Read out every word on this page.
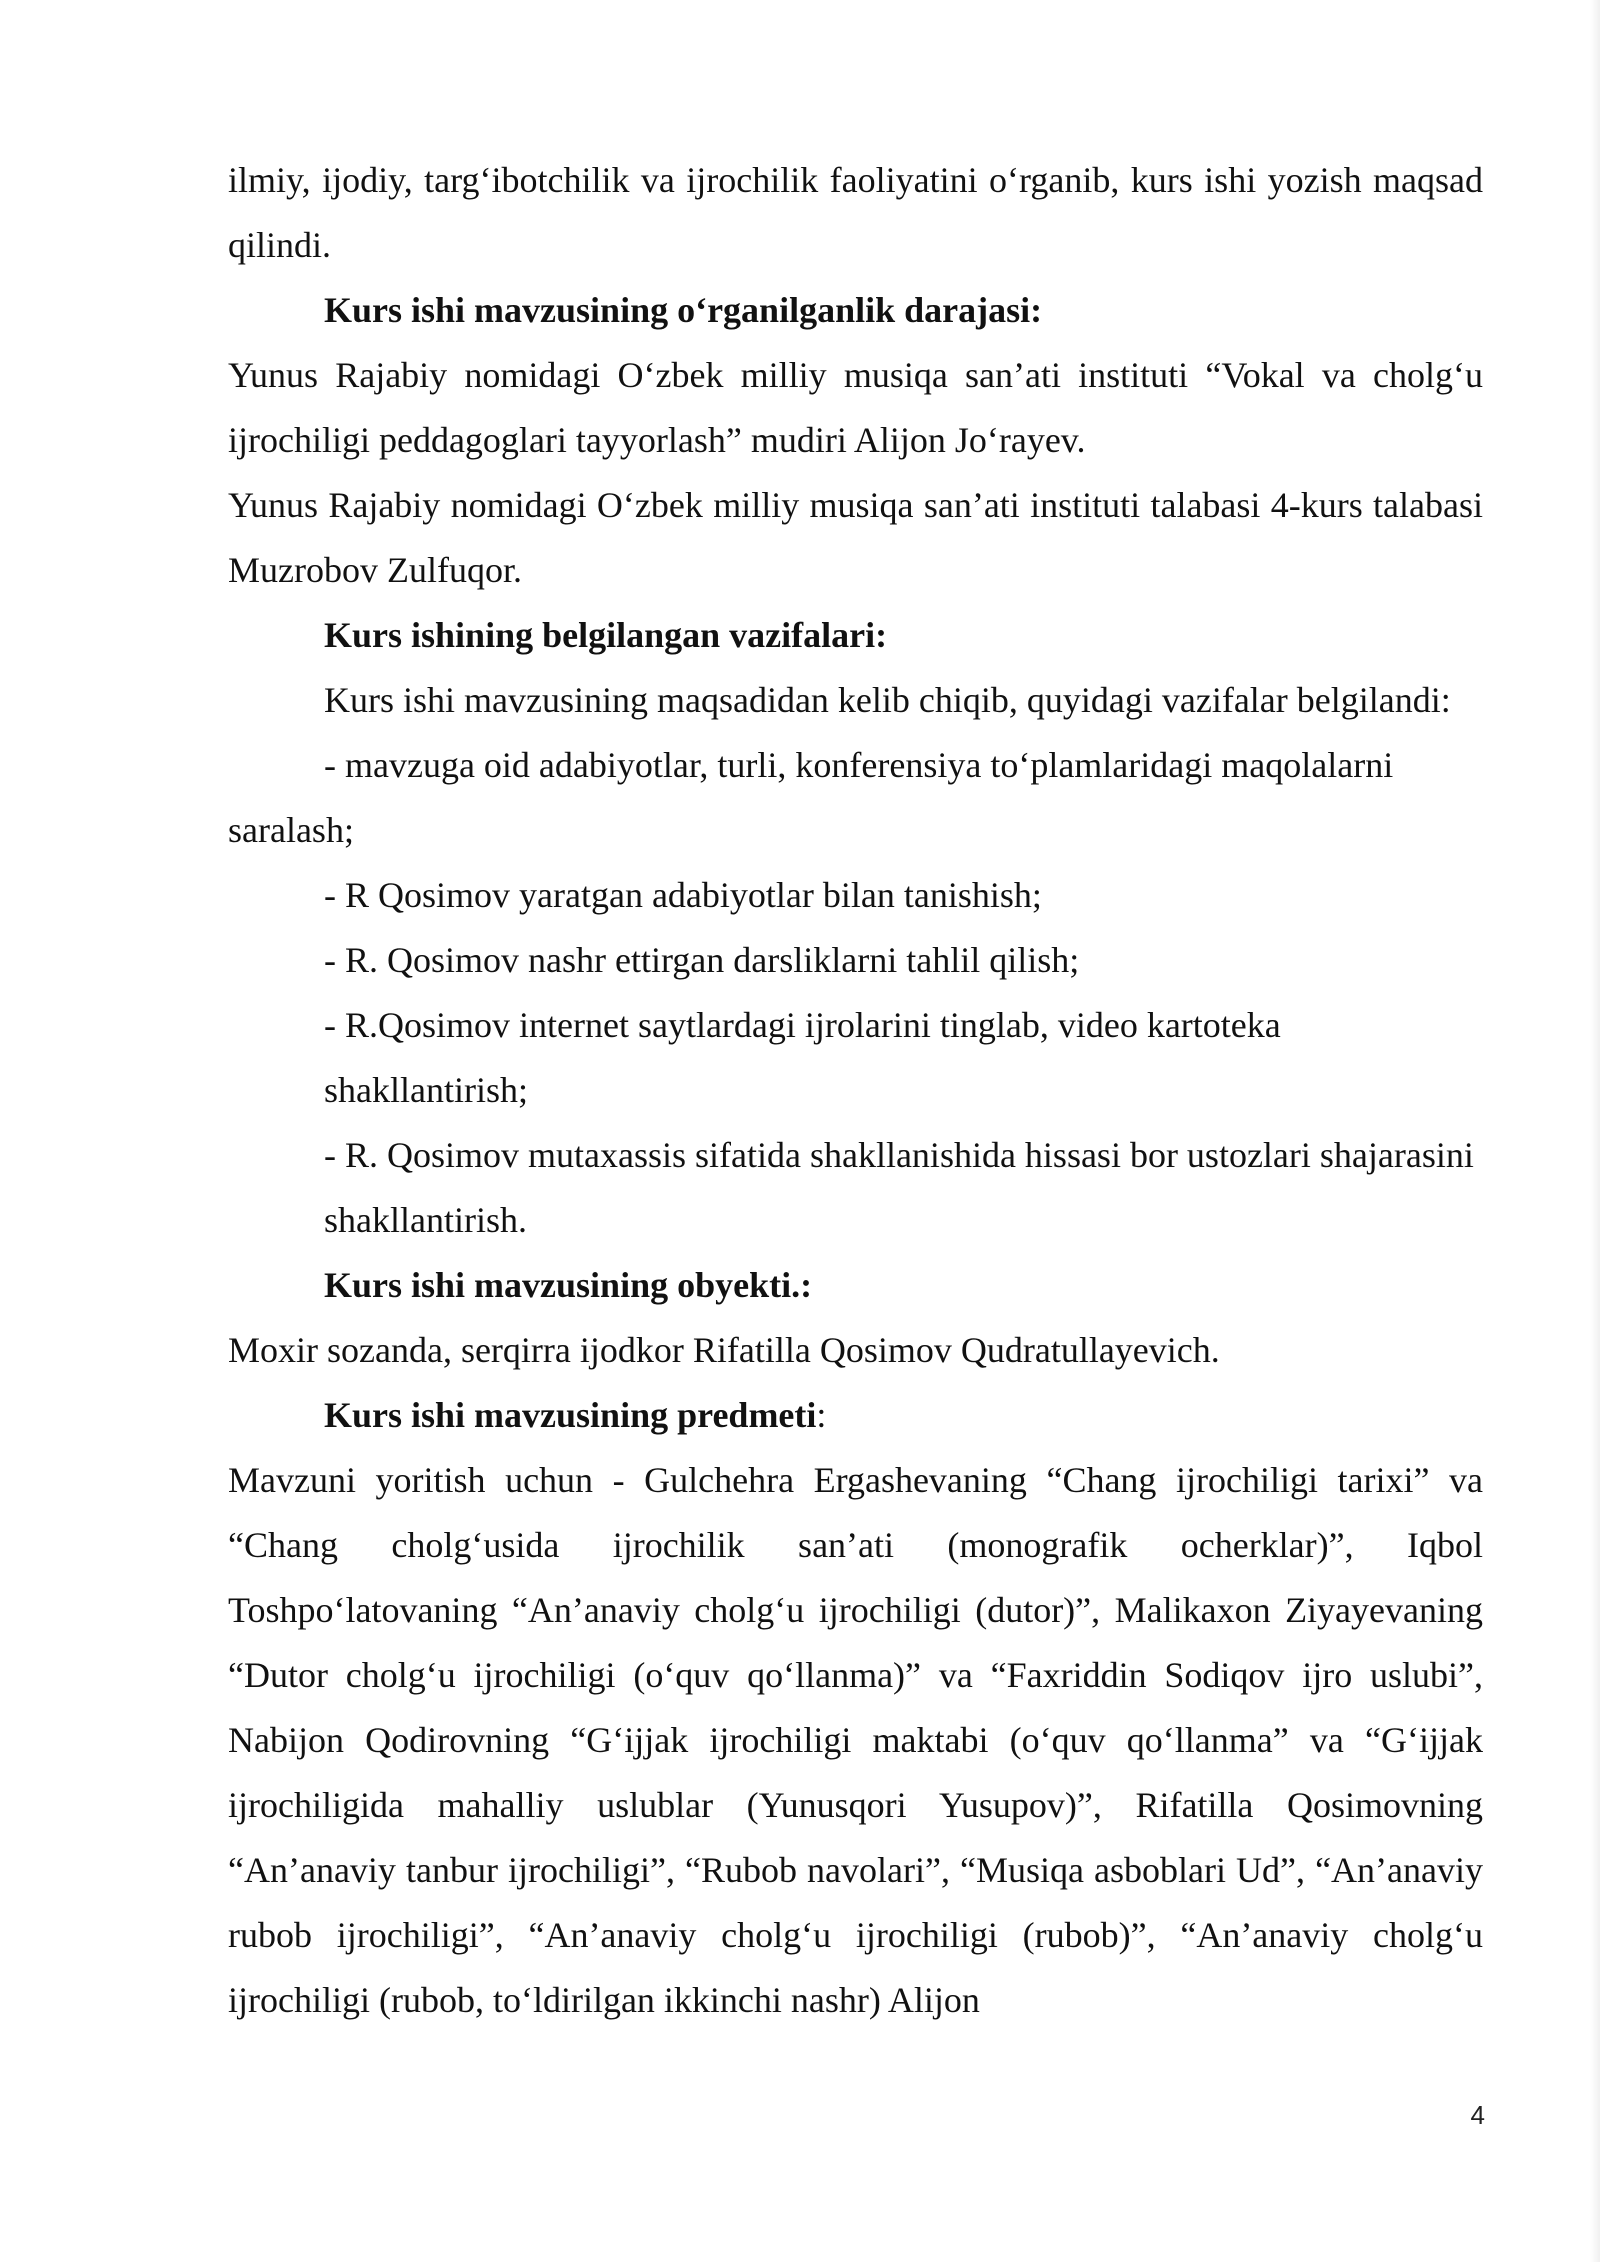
ilmiy, ijodiy, targ‘ibotchilik va ijrochilik faoliyatini o‘rganib, kurs ishi yozish maqsad qilindi.

Kurs ishi mavzusining o‘rganilganlik darajasi:

Yunus Rajabiy nomidagi O‘zbek milliy musiqa san’ati instituti “Vokal va cholg‘u ijrochiligi peddagoglari tayyorlash” mudiri Alijon Jo‘rayev.

Yunus Rajabiy nomidagi O‘zbek milliy musiqa san’ati instituti talabasi 4-kurs talabasi Muzrobov Zulfuqor.

Kurs ishining belgilangan vazifalari:

Kurs ishi mavzusining maqsadidan kelib chiqib, quyidagi vazifalar belgilandi:

- mavzuga oid adabiyotlar, turli, konferensiya to‘plamlaridagi maqolalarni saralash;

- R Qosimov yaratgan adabiyotlar bilan tanishish;

- R. Qosimov nashr ettirgan darsliklarni tahlil qilish;

- R.Qosimov internet saytlardagi ijrolarini tinglab, video kartoteka shakllantirish;

- R. Qosimov mutaxassis sifatida shakllanishida hissasi bor ustozlari shajarasini shakllantirish.

Kurs ishi mavzusining obyekti.:

Moxir sozanda, serqirra ijodkor Rifatilla Qosimov Qudratullayevich.

Kurs ishi mavzusining predmeti:

Mavzuni yoritish uchun - Gulchehra Ergashevaning “Chang ijrochiligi tarixi” va “Chang cholg‘usida ijrochilik san’ati (monografik ocherklar)”, Iqbol Toshpo‘latovaning “An’anaviy cholg‘u ijrochiligi (dutor)”, Malikaxon Ziyayevaning “Dutor cholg‘u ijrochiligi (o‘quv qo‘llanma)” va “Faxriddin Sodiqov ijro uslubi”, Nabijon Qodirovning “G‘ijjak ijrochiligi maktabi (o‘quv qo‘llanma” va “G‘ijjak ijrochiligida mahalliy uslublar (Yunusqori Yusupov)”, Rifatilla Qosimovning “An’anaviy tanbur ijrochiligi”, “Rubob navolari”, “Musiqa asboblari Ud”, “An’anaviy rubob ijrochiligi”, “An’anaviy cholg‘u ijrochiligi (rubob)”, “An’anaviy cholg‘u ijrochiligi (rubob, to‘ldirilgan ikkinchi nashr) Alijon

4
